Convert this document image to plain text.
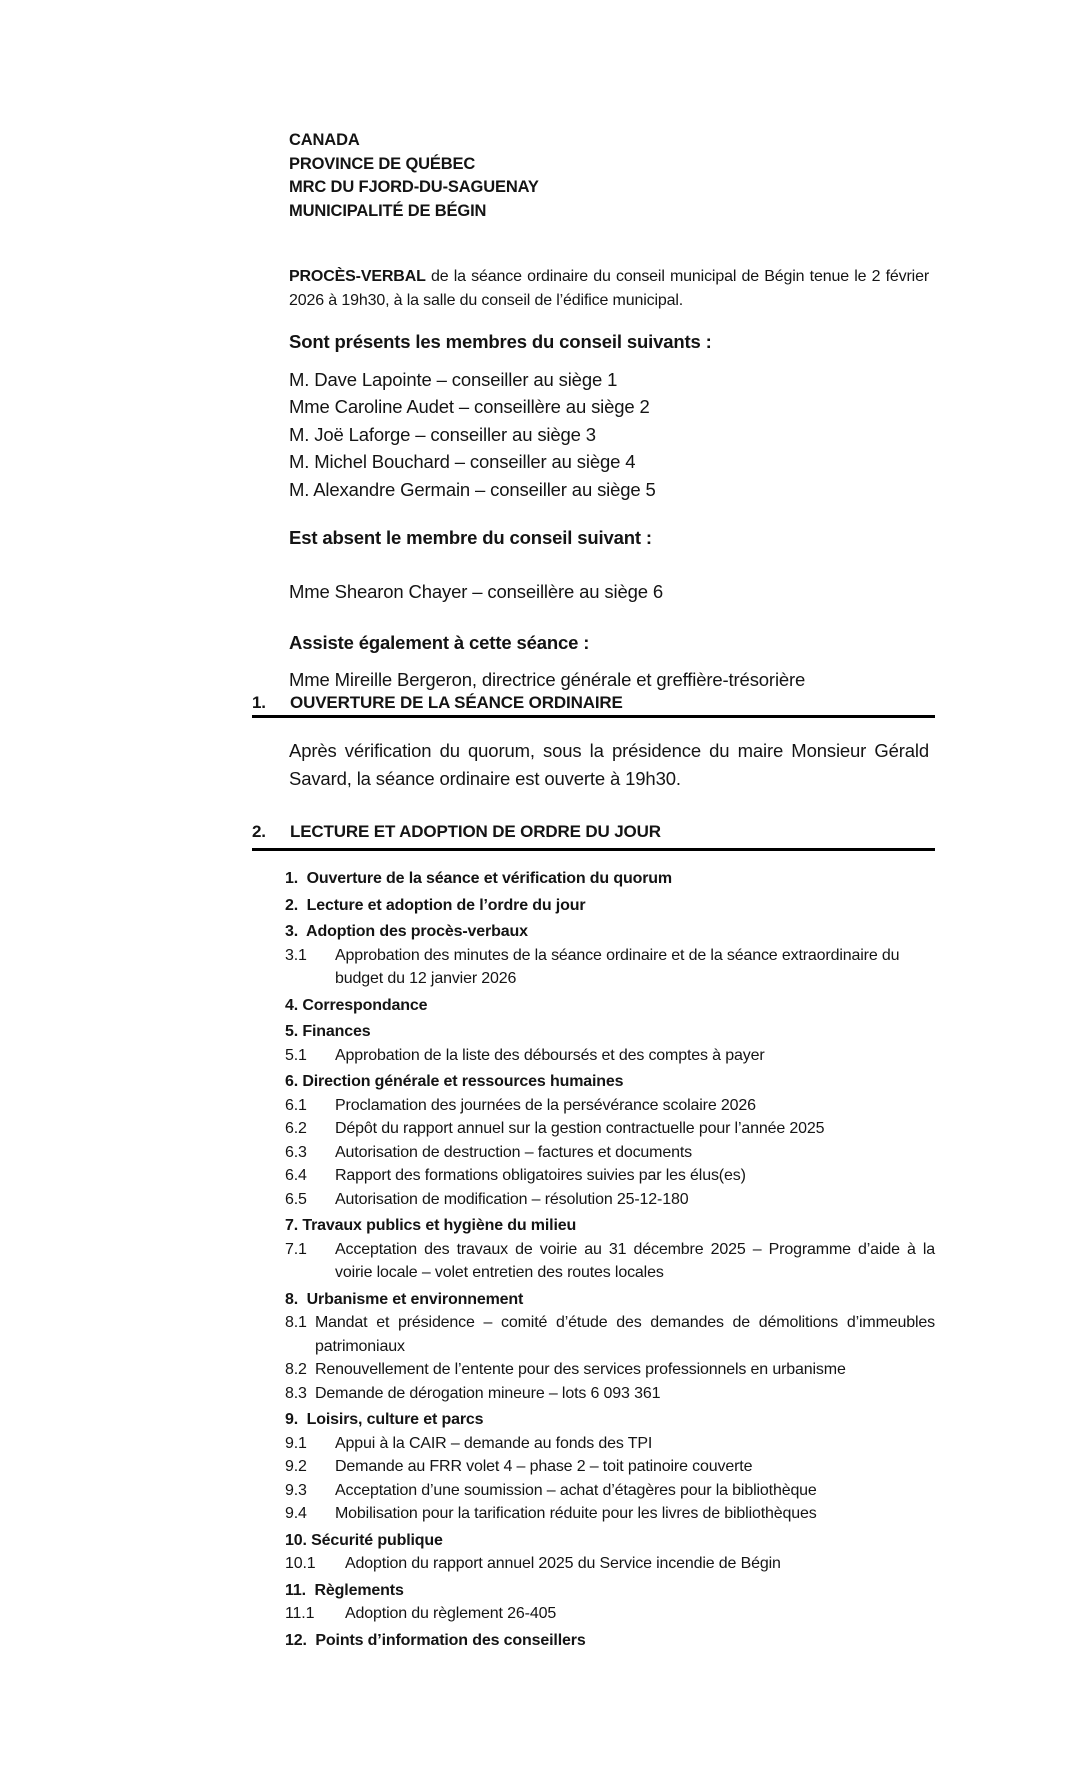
CANADA
PROVINCE DE QUÉBEC
MRC DU FJORD-DU-SAGUENAY
MUNICIPALITÉ DE BÉGIN

PROCÈS-VERBAL de la séance ordinaire du conseil municipal de Bégin tenue le 2 février 2026 à 19h30, à la salle du conseil de l’édifice municipal.

Sont présents les membres du conseil suivants :
M. Dave Lapointe – conseiller au siège 1
Mme Caroline Audet – conseillère au siège 2
M. Joë Laforge – conseiller au siège 3
M. Michel Bouchard – conseiller au siège 4
M. Alexandre Germain – conseiller au siège 5
Est absent le membre du conseil suivant :
Mme Shearon Chayer – conseillère au siège 6
Assiste également à cette séance :
Mme Mireille Bergeron, directrice générale et greffière-trésorière
1.	OUVERTURE DE LA SÉANCE ORDINAIRE

Après vérification du quorum, sous la présidence du maire Monsieur Gérald Savard, la séance ordinaire est ouverte à 19h30.

2.	LECTURE ET ADOPTION DE ORDRE DU JOUR
1.  Ouverture de la séance et vérification du quorum
2.  Lecture et adoption de l’ordre du jour
3.  Adoption des procès-verbaux
3.1	Approbation des minutes de la séance ordinaire et de la séance extraordinaire du budget du 12 janvier 2026
4. Correspondance
5. Finances
5.1	Approbation de la liste des déboursés et des comptes à payer
6. Direction générale et ressources humaines
6.1	Proclamation des journées de la persévérance scolaire 2026
6.2	Dépôt du rapport annuel sur la gestion contractuelle pour l’année 2025
6.3	Autorisation de destruction – factures et documents
6.4	Rapport des formations obligatoires suivies par les élus(es)
6.5	Autorisation de modification – résolution 25-12-180
7. Travaux publics et hygiène du milieu
7.1	Acceptation des travaux de voirie au 31 décembre 2025 – Programme d’aide à la voirie locale – volet entretien des routes locales
8.  Urbanisme et environnement
8.1 Mandat et présidence – comité d’étude des demandes de démolitions d’immeubles patrimoniaux
8.2 Renouvellement de l’entente pour des services professionnels en urbanisme
8.3 Demande de dérogation mineure – lots 6 093 361
9.  Loisirs, culture et parcs
9.1	Appui à la CAIR – demande au fonds des TPI
9.2	Demande au FRR volet 4 – phase 2 – toit patinoire couverte
9.3	Acceptation d’une soumission – achat d’étagères pour la bibliothèque
9.4	Mobilisation pour la tarification réduite pour les livres de bibliothèques
10. Sécurité publique
10.1	Adoption du rapport annuel 2025 du Service incendie de Bégin
11.  Règlements
11.1	Adoption du règlement 26-405
12.  Points d’information des conseillers
